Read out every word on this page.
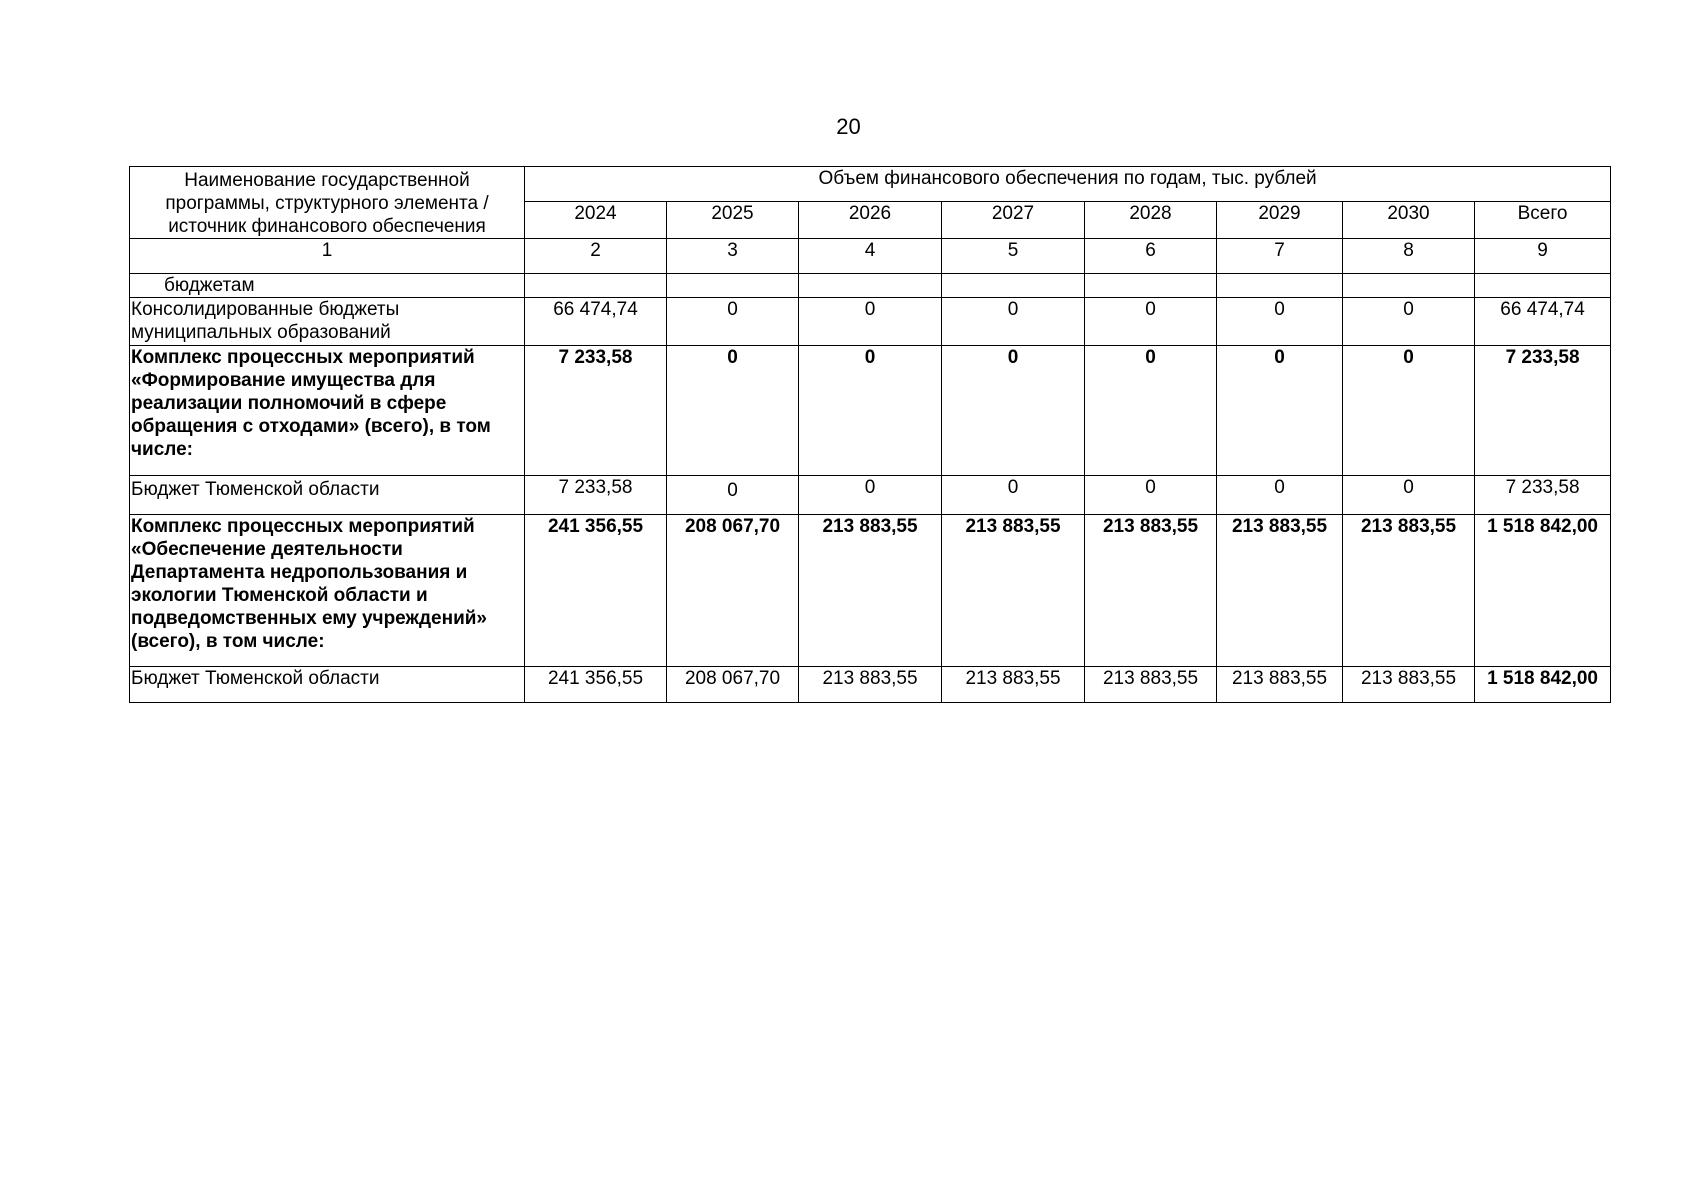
20
Наименование государственной программы, структурного элемента / источник финансового обеспечения	Объем финансового обеспечения по годам, тыс. рублей							
	2024	2025	2026	2027	2028	2029	2030	Всего
1	2	3	4	5	6	7	8	9
бюджетам								
Консолидированные бюджеты муниципальных образований	66 474,74	0	0	0	0	0	0	66 474,74
Комплекс процессных мероприятий «Формирование имущества для реализации полномочий в сфере обращения с отходами» (всего), в том числе:	7 233,58	0	0	0	0	0	0	7 233,58
Бюджет Тюменской области	7 233,58	0	0	0	0	0	0	7 233,58
Комплекс процессных мероприятий «Обеспечение деятельности Департамента недропользования и экологии Тюменской области и подведомственных ему учреждений» (всего), в том числе:	241 356,55	208 067,70	213 883,55	213 883,55	213 883,55	213 883,55	213 883,55	1 518 842,00
Бюджет Тюменской области	241 356,55	208 067,70	213 883,55	213 883,55	213 883,55	213 883,55	213 883,55	1 518 842,00
